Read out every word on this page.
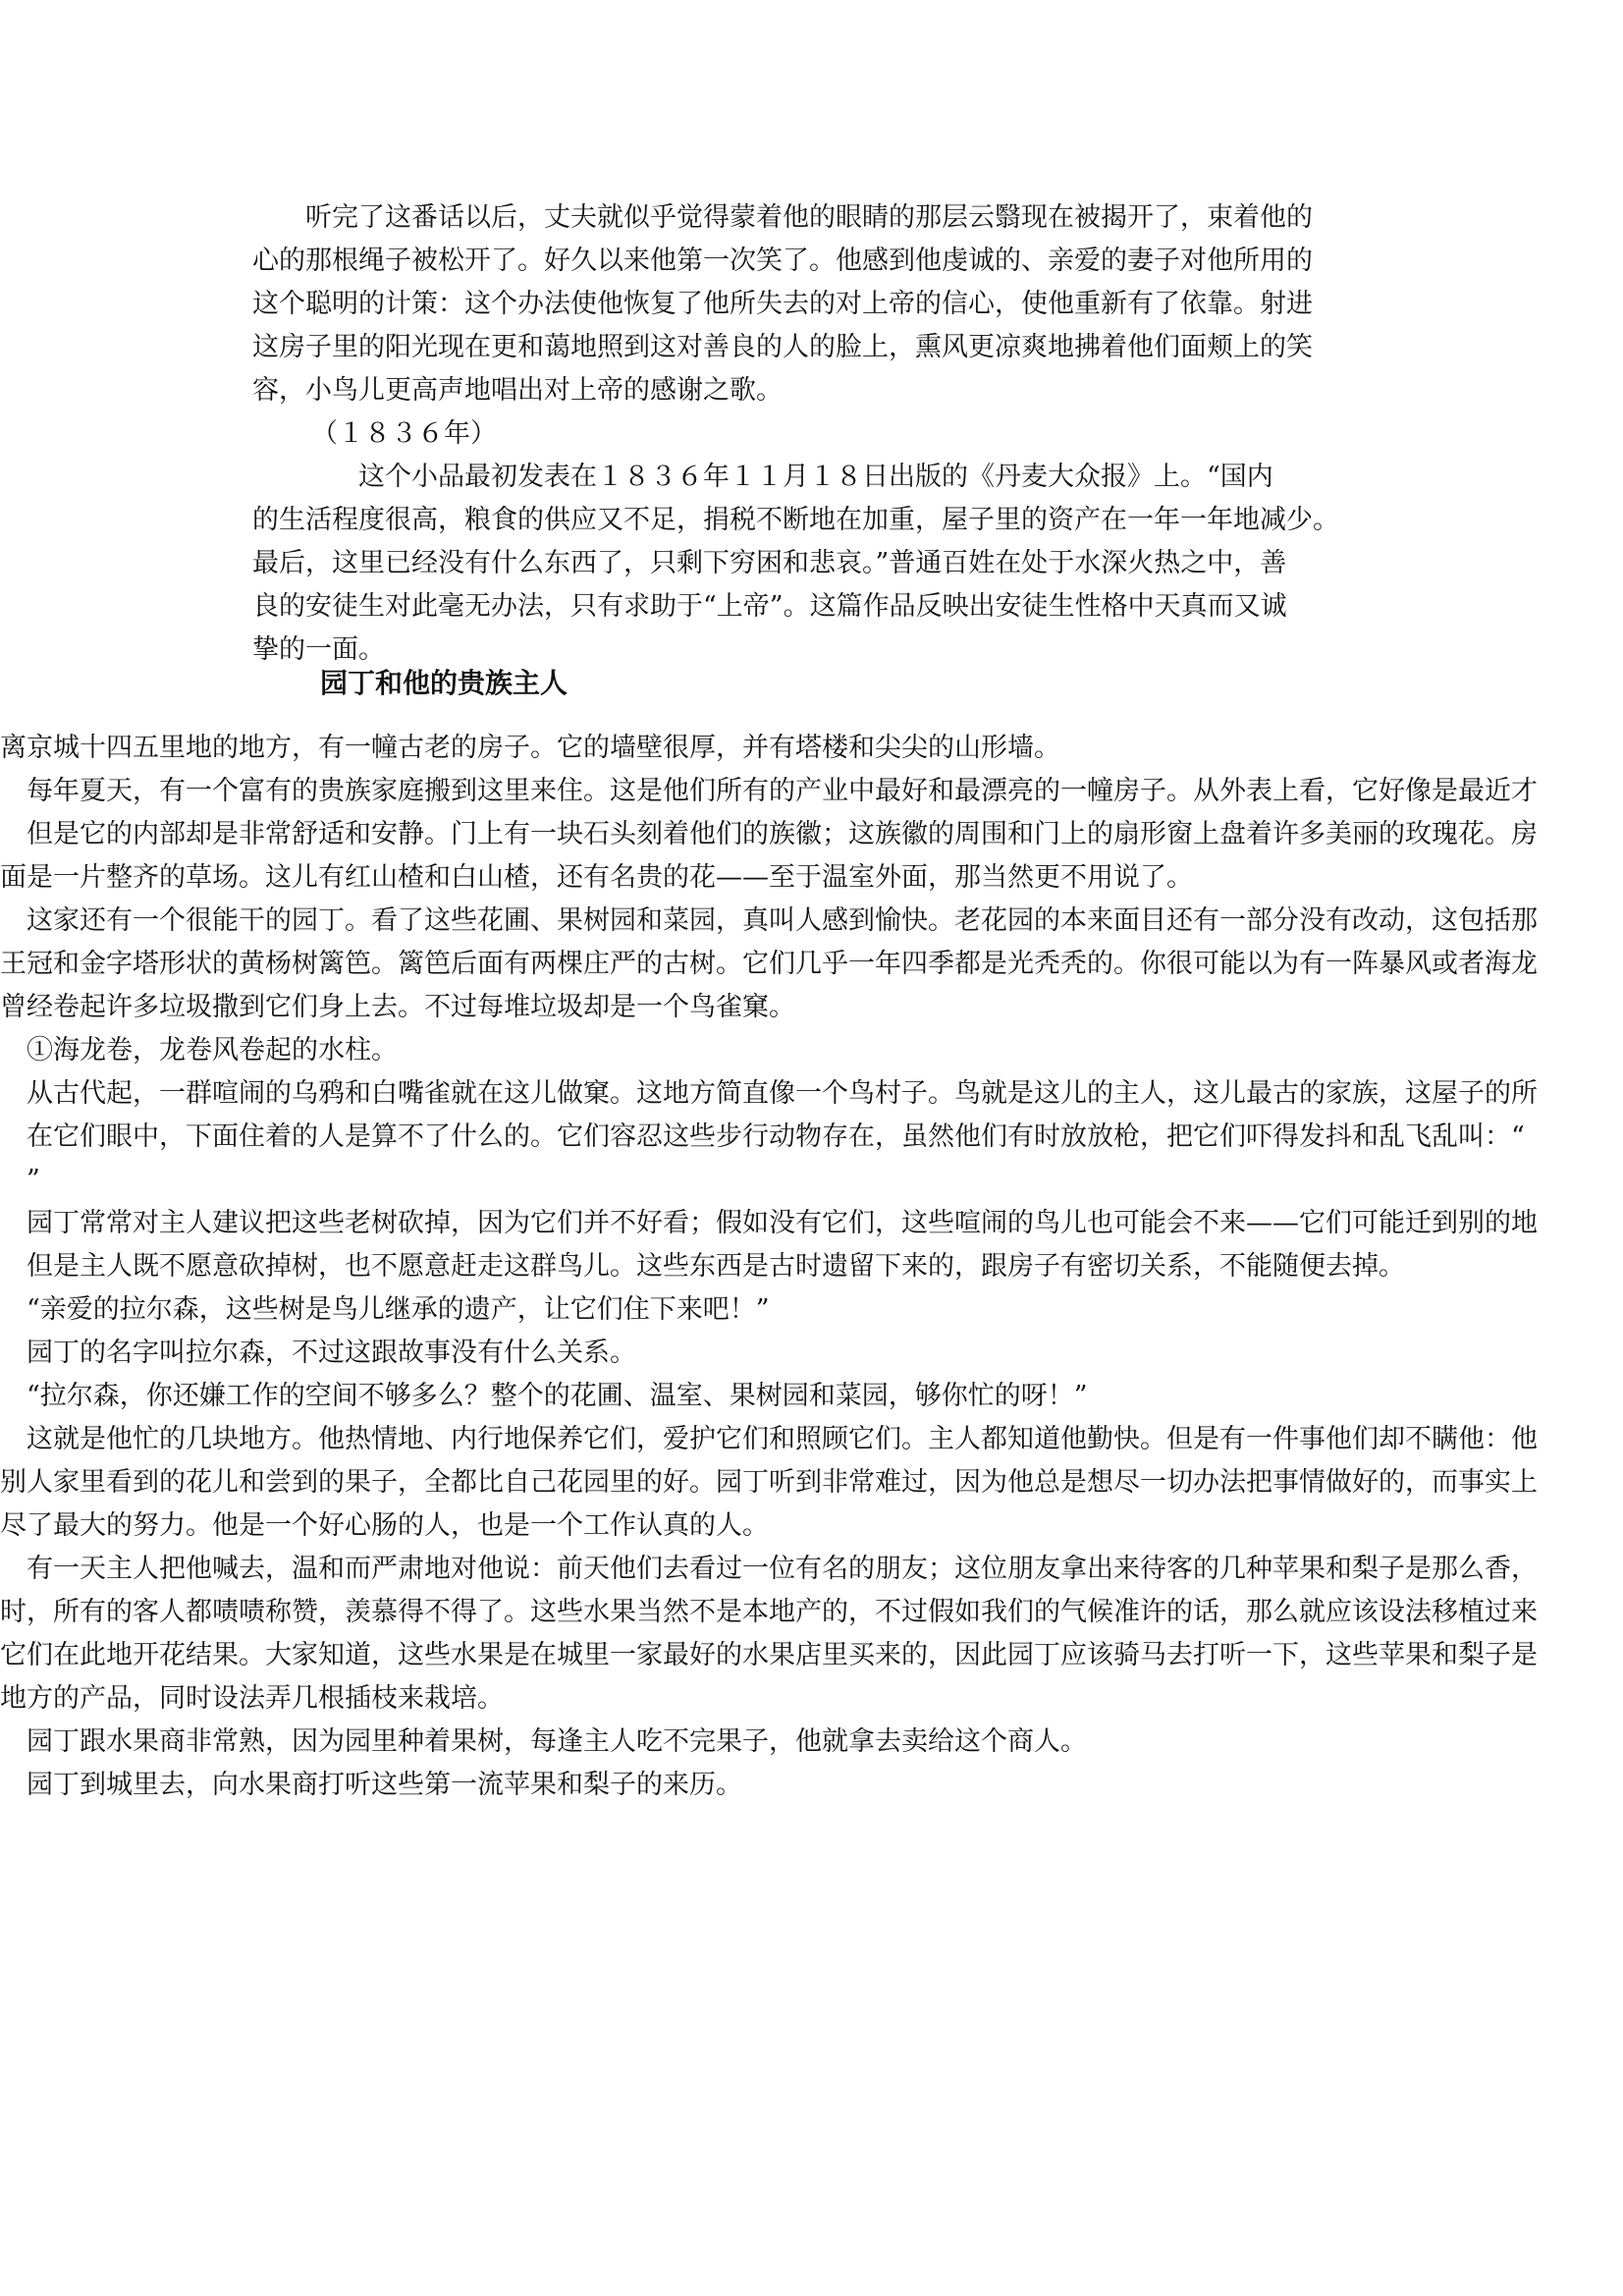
　　听完了这番话以后，丈夫就似乎觉得蒙着他的眼睛的那层云翳现在被揭开了，束着他的
心的那根绳子被松开了。好久以来他第一次笑了。他感到他虔诚的、亲爱的妻子对他所用的
这个聪明的计策：这个办法使他恢复了他所失去的对上帝的信心，使他重新有了依靠。射进
这房子里的阳光现在更和蔼地照到这对善良的人的脸上，熏风更凉爽地拂着他们面颊上的笑
容，小鸟儿更高声地唱出对上帝的感谢之歌。
（１８３６年）
　　　　这个小品最初发表在１８３６年１１月１８日出版的《丹麦大众报》上。“国内
的生活程度很高，粮食的供应又不足，捐税不断地在加重，屋子里的资产在一年一年地减少。
最后，这里已经没有什么东西了，只剩下穷困和悲哀。”普通百姓在处于水深火热之中，善
良的安徒生对此毫无办法，只有求助于“上帝”。这篇作品反映出安徒生性格中天真而又诚
挚的一面。
园丁和他的贵族主人
离京城十四五里地的地方，有一幢古老的房子。它的墙壁很厚，并有塔楼和尖尖的山形墙。
　每年夏天，有一个富有的贵族家庭搬到这里来住。这是他们所有的产业中最好和最漂亮的一幢房子。从外表上看，它好像是最近才
　但是它的内部却是非常舒适和安静。门上有一块石头刻着他们的族徽；这族徽的周围和门上的扇形窗上盘着许多美丽的玫瑰花。房
面是一片整齐的草场。这儿有红山楂和白山楂，还有名贵的花——至于温室外面，那当然更不用说了。
　这家还有一个很能干的园丁。看了这些花圃、果树园和菜园，真叫人感到愉快。老花园的本来面目还有一部分没有改动，这包括那
王冠和金字塔形状的黄杨树篱笆。篱笆后面有两棵庄严的古树。它们几乎一年四季都是光秃秃的。你很可能以为有一阵暴风或者海龙
曾经卷起许多垃圾撒到它们身上去。不过每堆垃圾却是一个鸟雀窠。
　①海龙卷，龙卷风卷起的水柱。
　从古代起，一群喧闹的乌鸦和白嘴雀就在这儿做窠。这地方简直像一个鸟村子。鸟就是这儿的主人，这儿最古的家族，这屋子的所
　在它们眼中，下面住着的人是算不了什么的。它们容忍这些步行动物存在，虽然他们有时放放枪，把它们吓得发抖和乱飞乱叫：“
　”
　园丁常常对主人建议把这些老树砍掉，因为它们并不好看；假如没有它们，这些喧闹的鸟儿也可能会不来——它们可能迁到别的地
　但是主人既不愿意砍掉树，也不愿意赶走这群鸟儿。这些东西是古时遗留下来的，跟房子有密切关系，不能随便去掉。
　“亲爱的拉尔森，这些树是鸟儿继承的遗产，让它们住下来吧！”
　园丁的名字叫拉尔森，不过这跟故事没有什么关系。
　“拉尔森，你还嫌工作的空间不够多么？整个的花圃、温室、果树园和菜园，够你忙的呀！”
　这就是他忙的几块地方。他热情地、内行地保养它们，爱护它们和照顾它们。主人都知道他勤快。但是有一件事他们却不瞒他：他
别人家里看到的花儿和尝到的果子，全都比自己花园里的好。园丁听到非常难过，因为他总是想尽一切办法把事情做好的，而事实上
尽了最大的努力。他是一个好心肠的人，也是一个工作认真的人。
　有一天主人把他喊去，温和而严肃地对他说：前天他们去看过一位有名的朋友；这位朋友拿出来待客的几种苹果和梨子是那么香，
时，所有的客人都啧啧称赞，羡慕得不得了。这些水果当然不是本地产的，不过假如我们的气候准许的话，那么就应该设法移植过来
它们在此地开花结果。大家知道，这些水果是在城里一家最好的水果店里买来的，因此园丁应该骑马去打听一下，这些苹果和梨子是
地方的产品，同时设法弄几根插枝来栽培。
　园丁跟水果商非常熟，因为园里种着果树，每逢主人吃不完果子，他就拿去卖给这个商人。
　园丁到城里去，向水果商打听这些第一流苹果和梨子的来历。
